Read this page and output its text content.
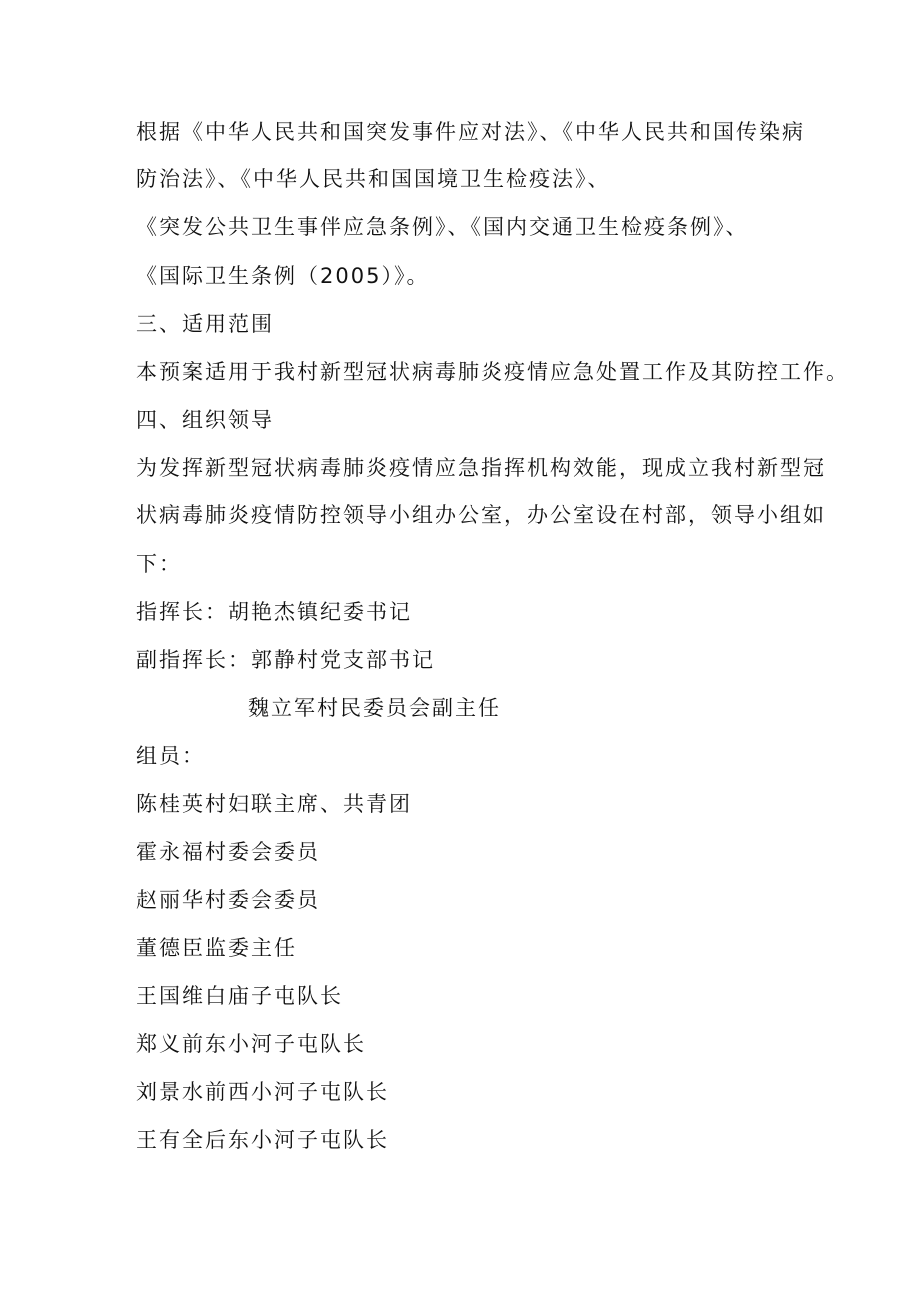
根据《中华人民共和国突发事件应对法》、《中华人民共和国传染病
防治法》、《中华人民共和国国境卫生检疫法》、
《突发公共卫生事伴应急条例》、《国内交通卫生检疫条例》、
《国际卫生条例（2005）》。
三、适用范围
本预案适用于我村新型冠状病毒肺炎疫情应急处置工作及其防控工作。
四、组织领导
为发挥新型冠状病毒肺炎疫情应急指挥机构效能，现成立我村新型冠
状病毒肺炎疫情防控领导小组办公室，办公室设在村部，领导小组如
下：
指挥长：胡艳杰镇纪委书记
副指挥长：郭静村党支部书记
魏立军村民委员会副主任
组员：
陈桂英村妇联主席、共青团
霍永福村委会委员
赵丽华村委会委员
董德臣监委主任
王国维白庙子屯队长
郑义前东小河子屯队长
刘景水前西小河子屯队长
王有全后东小河子屯队长
